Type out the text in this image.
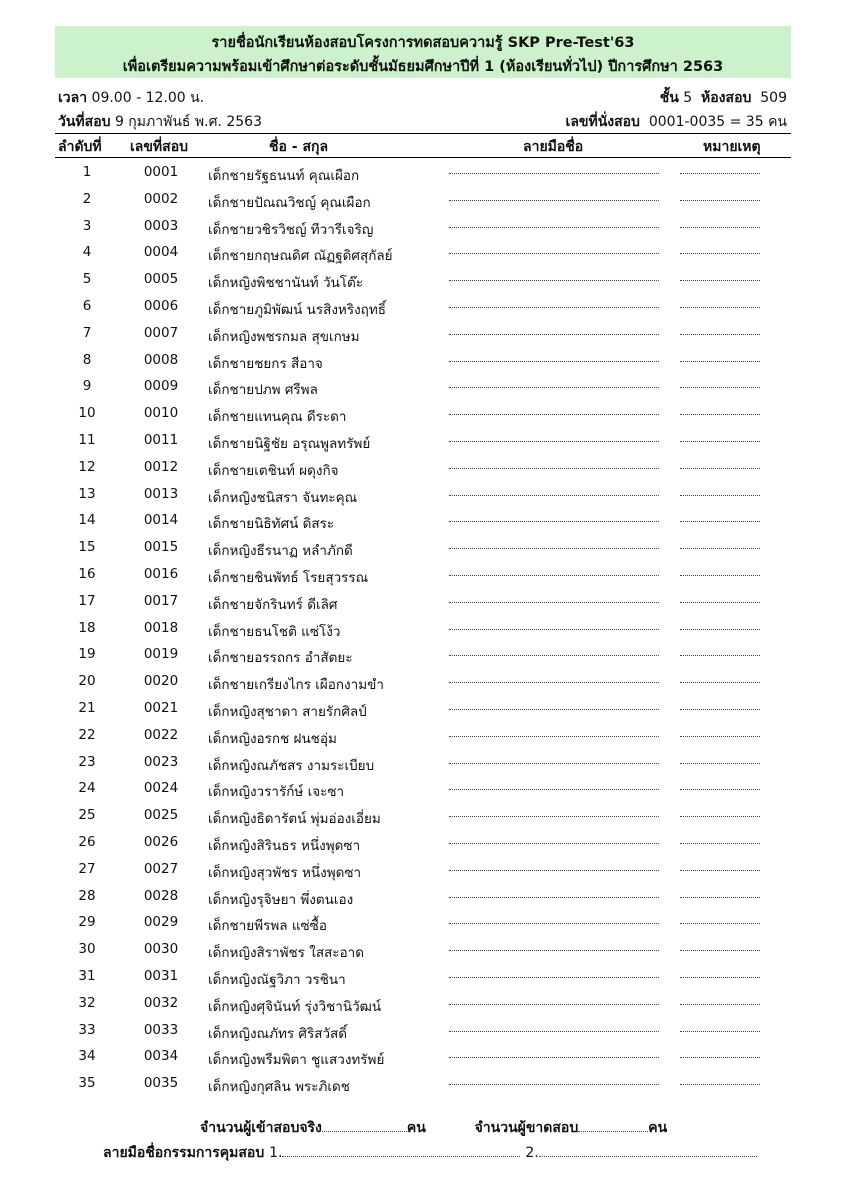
รายชื่อนักเรียนห้องสอบโครงการทดสอบความรู้ SKP Pre-Test'63
เพื่อเตรียมความพร้อมเข้าศึกษาต่อระดับชั้นมัธยมศึกษาปีที่ 1 (ห้องเรียนทั่วไป) ปีการศึกษา 2563
เวลา 09.00 - 12.00 น.	ชั้น 5 ห้องสอบ 509
วันที่สอบ 9 กุมภาพันธ์ พ.ศ. 2563	เลขที่นั่งสอบ 0001-0035 = 35 คน
ลำดับที่ เลขที่สอบ	ชื่อ - สกุล	ลายมือชื่อ	หมายเหตุ
1	0001	เด็กชายรัฐธนนท์ คุณเผือก
2	0002	เด็กชายปัณณวิชญ์ คุณเผือก
3	0003	เด็กชายวชิรวิชญ์ ทีวารีเจริญ
4	0004	เด็กชายกฤษณดิศ ณัฏฐดิศสุกัลย์
5	0005	เด็กหญิงพิชชานันท์ วันโต๊ะ
6	0006	เด็กชายภูมิพัฒน์ นรสิงหริงฤทธิ์
7	0007	เด็กหญิงพชรกมล สุขเกษม
8	0008	เด็กชายชยกร สีอาจ
9	0009	เด็กชายปภพ ศรีพล
10	0010	เด็กชายแทนคุณ ดีระดา
11	0011	เด็กชายนิฐิชัย อรุณพูลทรัพย์
12	0012	เด็กชายเตชินท์ ผดุงกิจ
13	0013	เด็กหญิงชนิสรา จันทะคุณ
14	0014	เด็กชายนิธิทัศน์ ดิสระ
15	0015	เด็กหญิงธีรนาฏ หลำภักดี
16	0016	เด็กชายชินพัทธ์ โรยสุวรรณ
17	0017	เด็กชายจักรินทร์ ดีเลิศ
18	0018	เด็กชายธนโชติ แซ่โง้ว
19	0019	เด็กชายอรรถกร อำสัตยะ
20	0020	เด็กชายเกรียงไกร เผือกงามขำ
21	0021	เด็กหญิงสุชาดา สายรักศิลป์
22	0022	เด็กหญิงอรกช ฝนชอุ่ม
23	0023	เด็กหญิงณภัชสร งามระเบียบ
24	0024	เด็กหญิงวรารัก์ษ์ เจะซา
25	0025	เด็กหญิงธิดารัตน์ พุ่มอ่องเอี่ยม
26	0026	เด็กหญิงสิรินธร หนึ่งพุดซา
27	0027	เด็กหญิงสุวพัชร หนึ่งพุดซา
28	0028	เด็กหญิงรุจิษยา พึ่งตนเอง
29	0029	เด็กชายพีรพล แซ่ซื้อ
30	0030	เด็กหญิงสิราพัชร ใสสะอาด
31	0031	เด็กหญิงณัฐวิภา วรชินา
32	0032	เด็กหญิงศุจินันท์ รุ่งวิชานิวัฒน์
33	0033	เด็กหญิงณภัทร ศิริสวัสดิ์
34	0034	เด็กหญิงพรีมพิตา ชูแสวงทรัพย์
35	0035	เด็กหญิงกุศลิน พระภิเดช
จำนวนผู้เข้าสอบจริง	คน	จำนวนผู้ขาดสอบ	คน
ลายมือชื่อกรรมการคุมสอบ 1.	2.
